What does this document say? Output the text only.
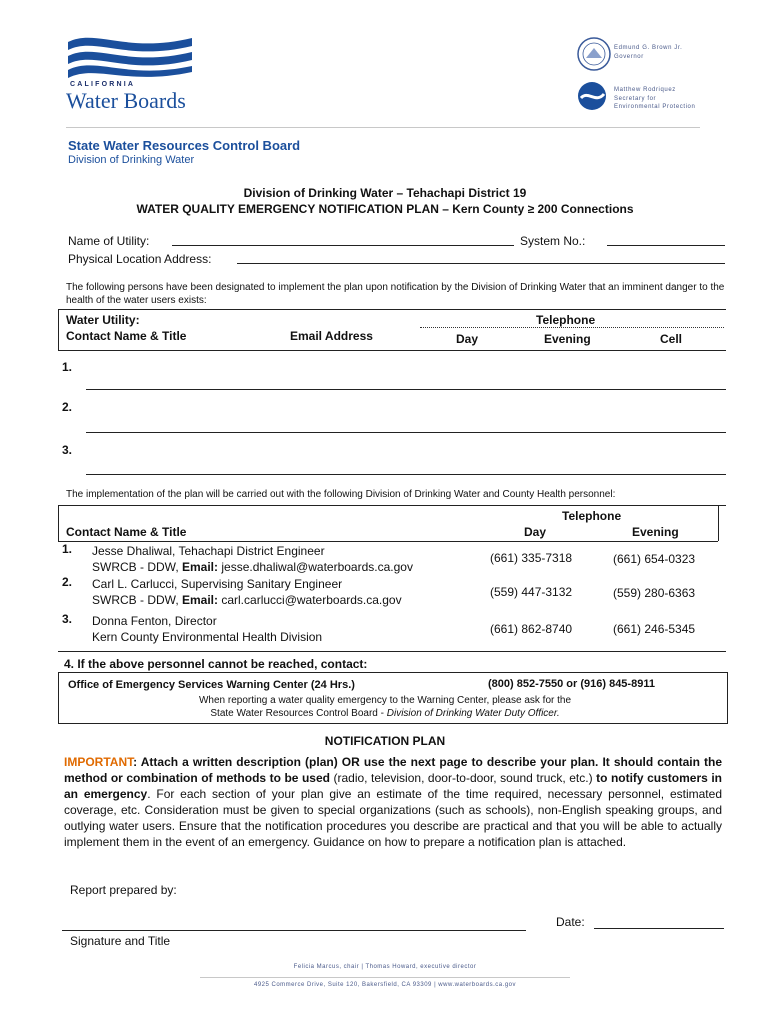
CALIFORNIA
Water Boards
Edmund G. Brown Jr.
Governor
Matthew Rodriquez
Secretary for
Environmental Protection
State Water Resources Control Board
Division of Drinking Water
Division of Drinking Water – Tehachapi District 19
WATER QUALITY EMERGENCY NOTIFICATION PLAN – Kern County ≥ 200 Connections
Name of Utility:	System No.:
Physical Location Address:
The following persons have been designated to implement the plan upon notification by the Division of Drinking Water that an imminent danger to the health of the water users exists:
Water Utility:
Contact Name & Title	Email Address
Telephone
Day	Evening	Cell
1.
2.
3.
The implementation of the plan will be carried out with the following Division of Drinking Water and County Health personnel:
Telephone
Contact Name & Title	Day	Evening
1. Jesse Dhaliwal, Tehachapi District Engineer
SWRCB - DDW, Email: jesse.dhaliwal@waterboards.ca.gov
(661) 335-7318	(661) 654-0323
2. Carl L. Carlucci, Supervising Sanitary Engineer
SWRCB - DDW, Email: carl.carlucci@waterboards.ca.gov
(559) 447-3132	(559) 280-6363
3. Donna Fenton, Director
Kern County Environmental Health Division
(661) 862-8740	(661) 246-5345
4. If the above personnel cannot be reached, contact:
Office of Emergency Services Warning Center (24 Hrs.)	(800) 852-7550 or (916) 845-8911
When reporting a water quality emergency to the Warning Center, please ask for the
State Water Resources Control Board - Division of Drinking Water Duty Officer.
NOTIFICATION PLAN
IMPORTANT: Attach a written description (plan) OR use the next page to describe your plan. It should contain the method or combination of methods to be used (radio, television, door-to-door, sound truck, etc.) to notify customers in an emergency. For each section of your plan give an estimate of the time required, necessary personnel, estimated coverage, etc. Consideration must be given to special organizations (such as schools), non-English speaking groups, and outlying water users. Ensure that the notification procedures you describe are practical and that you will be able to actually implement them in the event of an emergency. Guidance on how to prepare a notification plan is attached.
Report prepared by:
Date:
Signature and Title
Felicia Marcus, chair | Thomas Howard, executive director
4925 Commerce Drive, Suite 120, Bakersfield, CA 93309 | www.waterboards.ca.gov
